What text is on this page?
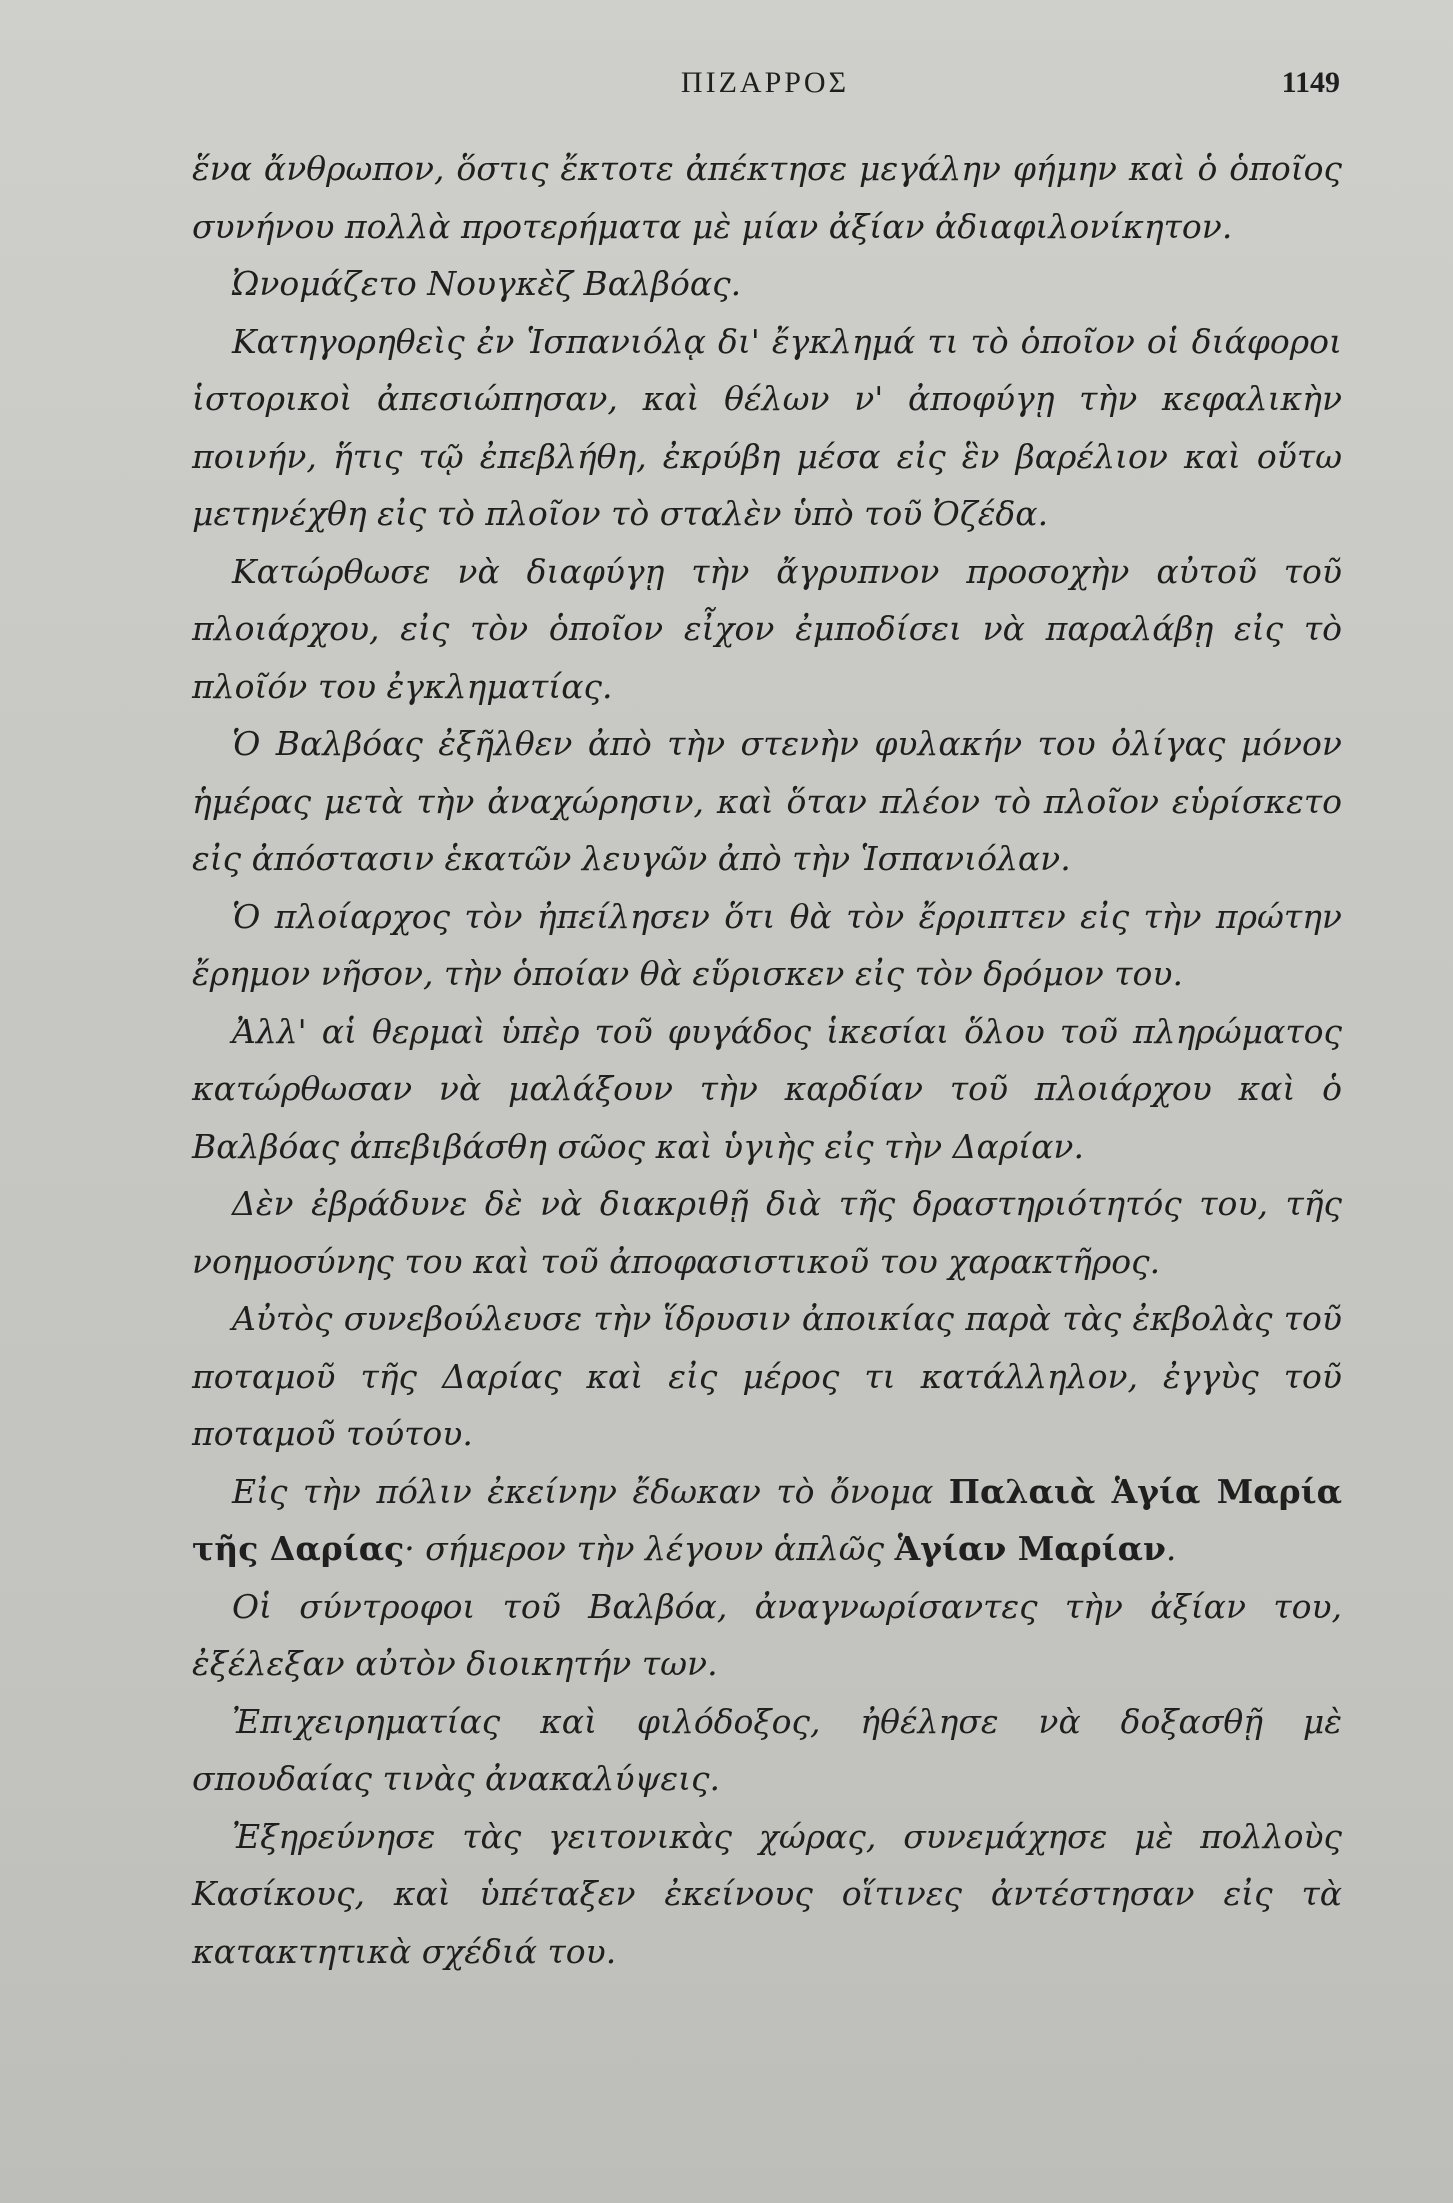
ΠΙΖΑΡΡΟΣ	1149

ἕνα ἄνθρωπον, ὅστις ἔκτοτε ἀπέκτησε μεγάλην φήμην καὶ ὁ ὁποῖος συνήνου πολλὰ προτερήματα μὲ μίαν ἀξίαν ἀδιαφιλονίκητον.

Ὠνομάζετο Νουγκὲζ Βαλβόας.

Κατηγορηθεὶς ἐν Ἱσπανιόλᾳ δι' ἔγκλημά τι τὸ ὁποῖον οἱ διάφοροι ἱστορικοὶ ἀπεσιώπησαν, καὶ θέλων ν' ἀποφύγῃ τὴν κεφαλικὴν ποινήν, ἥτις τῷ ἐπεβλήθη, ἐκρύβη μέσα εἰς ἓν βαρέλιον καὶ οὕτω μετηνέχθη εἰς τὸ πλοῖον τὸ σταλὲν ὑπὸ τοῦ Ὀζέδα.

Κατώρθωσε νὰ διαφύγῃ τὴν ἄγρυπνον προσοχὴν αὐτοῦ τοῦ πλοιάρχου, εἰς τὸν ὁποῖον εἶχον ἐμποδίσει νὰ παραλάβῃ εἰς τὸ πλοῖόν του ἐγκληματίας.

Ὁ Βαλβόας ἐξῆλθεν ἀπὸ τὴν στενὴν φυλακήν του ὀλίγας μόνον ἡμέρας μετὰ τὴν ἀναχώρησιν, καὶ ὅταν πλέον τὸ πλοῖον εὑρίσκετο εἰς ἀπόστασιν ἑκατῶν λευγῶν ἀπὸ τὴν Ἱσπανιόλαν.

Ὁ πλοίαρχος τὸν ἠπείλησεν ὅτι θὰ τὸν ἔρριπτεν εἰς τὴν πρώτην ἔρημον νῆσον, τὴν ὁποίαν θὰ εὕρισκεν εἰς τὸν δρόμον του.

Ἀλλ' αἱ θερμαὶ ὑπὲρ τοῦ φυγάδος ἱκεσίαι ὅλου τοῦ πληρώματος κατώρθωσαν νὰ μαλάξουν τὴν καρδίαν τοῦ πλοιάρχου καὶ ὁ Βαλβόας ἀπεβιβάσθη σῶος καὶ ὑγιὴς εἰς τὴν Δαρίαν.

Δὲν ἐβράδυνε δὲ νὰ διακριθῇ διὰ τῆς δραστηριότητός του, τῆς νοημοσύνης του καὶ τοῦ ἀποφασιστικοῦ του χαρακτῆρος.

Αὐτὸς συνεβούλευσε τὴν ἵδρυσιν ἀποικίας παρὰ τὰς ἐκβολὰς τοῦ ποταμοῦ τῆς Δαρίας καὶ εἰς μέρος τι κατάλληλον, ἐγγὺς τοῦ ποταμοῦ τούτου.

Εἰς τὴν πόλιν ἐκείνην ἔδωκαν τὸ ὄνομα Παλαιὰ Ἁγία Μαρία τῆς Δαρίας· σήμερον τὴν λέγουν ἁπλῶς Ἁγίαν Μαρίαν.

Οἱ σύντροφοι τοῦ Βαλβόα, ἀναγνωρίσαντες τὴν ἀξίαν του, ἐξέλεξαν αὐτὸν διοικητήν των.

Ἐπιχειρηματίας καὶ φιλόδοξος, ἠθέλησε νὰ δοξασθῇ μὲ σπουδαίας τινὰς ἀνακαλύψεις.

Ἐξηρεύνησε τὰς γειτονικὰς χώρας, συνεμάχησε μὲ πολλοὺς Κασίκους, καὶ ὑπέταξεν ἐκείνους οἵτινες ἀντέστησαν εἰς τὰ κατακτητικὰ σχέδιά του.
